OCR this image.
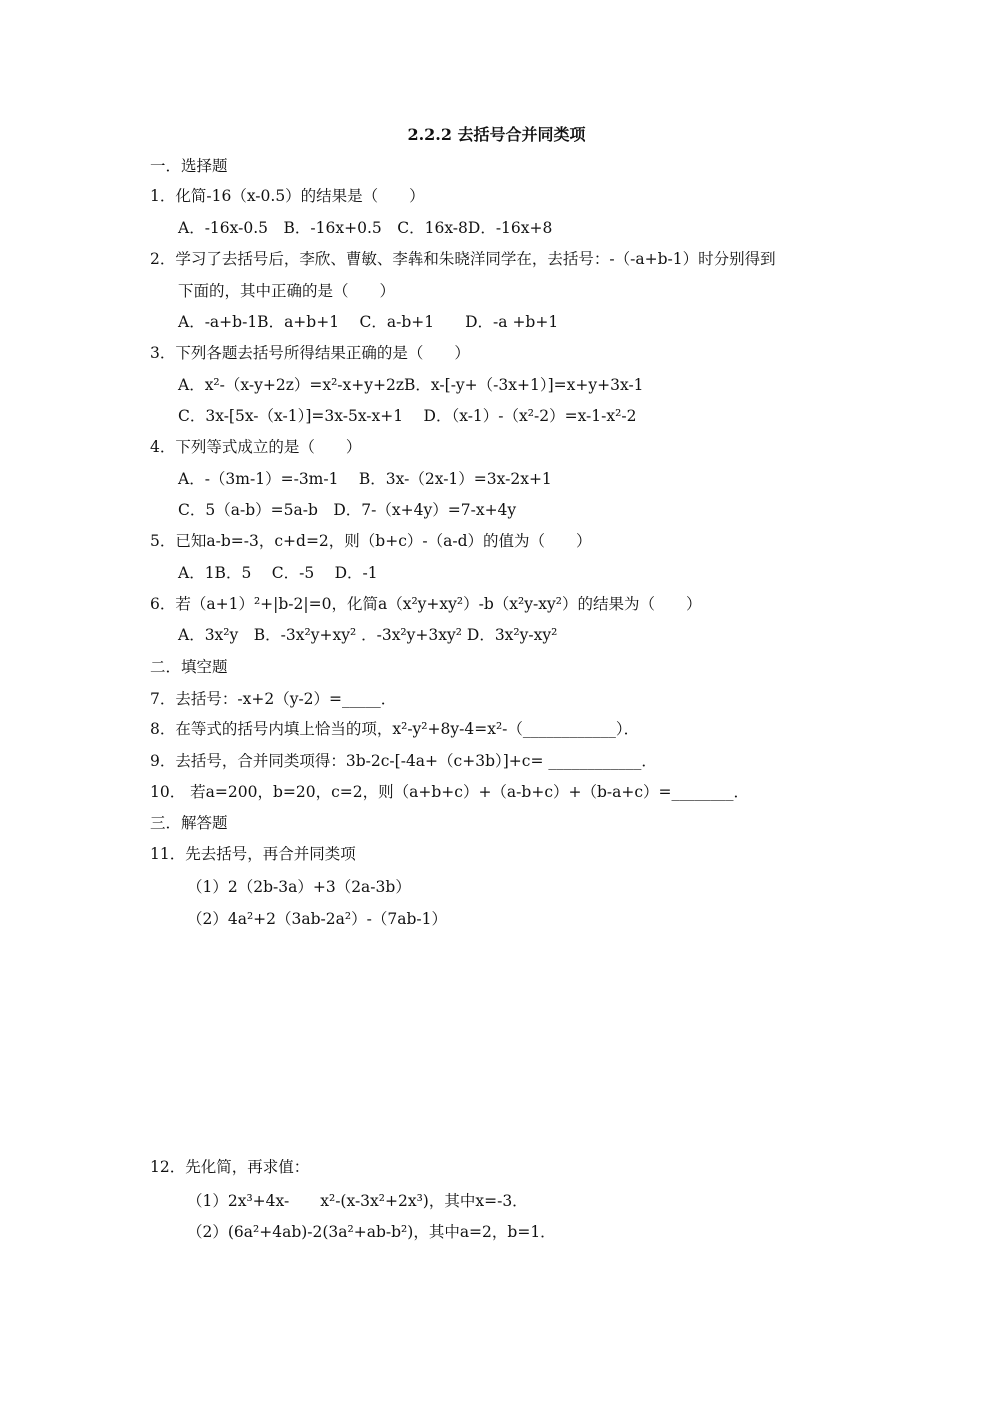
2.2.2 去括号合并同类项
一．选择题
1．化简-16（x-0.5）的结果是（　　）
A．-16x-0.5　B．-16x+0.5　C．16x-8D．-16x+8
2．学习了去括号后，李欣、曹敏、李犇和朱晓洋同学在，去括号：-（-a+b-1）时分别得到
下面的，其中正确的是（　　）
A．-a+b-1B．a+b+1　 C．a-b+1　　D．-a +b+1
3．下列各题去括号所得结果正确的是（　　）
A．x²-（x-y+2z）=x²-x+y+2zB．x-[-y+（-3x+1）]=x+y+3x-1
C．3x-[5x-（x-1）]=3x-5x-x+1　 D．（x-1）-（x²-2）=x-1-x²-2
4．下列等式成立的是（　　）
A．-（3m-1）=-3m-1　 B．3x-（2x-1）=3x-2x+1
C．5（a-b）=5a-b　D．7-（x+4y）=7-x+4y
5．已知a-b=-3，c+d=2，则（b+c）-（a-d）的值为（　　）
A．1B．5　 C．-5　 D．-1
6．若（a+1）²+|b-2|=0，化简a（x²y+xy²）-b（x²y-xy²）的结果为（　　）
A．3x²y　B．-3x²y+xy² ．-3x²y+3xy² D．3x²y-xy²
二．填空题
7．去括号：-x+2（y-2）=_____．
8．在等式的括号内填上恰当的项，x²-y²+8y-4=x²-（____________）．
9．去括号，合并同类项得：3b-2c-[-4a+（c+3b）]+c= ____________．
10． 若a=200，b=20，c=2，则（a+b+c）+（a-b+c）+（b-a+c）=________．
三．解答题
11．先去括号，再合并同类项
（1）2（2b-3a）+3（2a-3b）
（2）4a²+2（3ab-2a²）-（7ab-1）
12．先化简，再求值：
（1）2x³+4x-　　x²-(x-3x²+2x³)，其中x=-3．
（2）(6a²+4ab)-2(3a²+ab-b²)，其中a=2，b=1．
